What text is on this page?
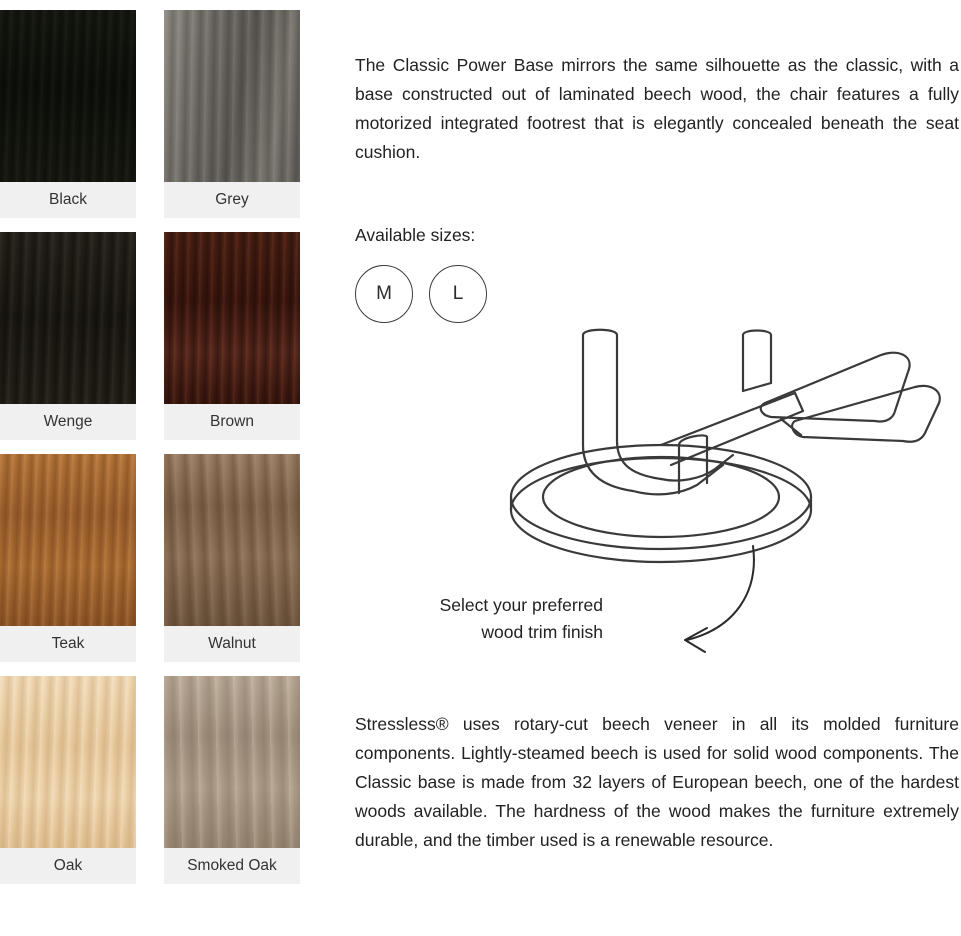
Black	Grey
Wenge	Brown
Teak	Walnut
Oak	Smoked Oak

The Classic Power Base mirrors the same silhouette as the classic, with a base constructed out of laminated beech wood, the chair features a fully motorized integrated footrest that is elegantly concealed beneath the seat cushion.

Available sizes:
M	L
Select your preferred
wood trim finish

Stressless® uses rotary-cut beech veneer in all its molded furniture components. Lightly-steamed beech is used for solid wood components. The Classic base is made from 32 layers of European beech, one of the hardest woods available. The hardness of the wood makes the furniture extremely durable, and the timber used is a renewable resource.
